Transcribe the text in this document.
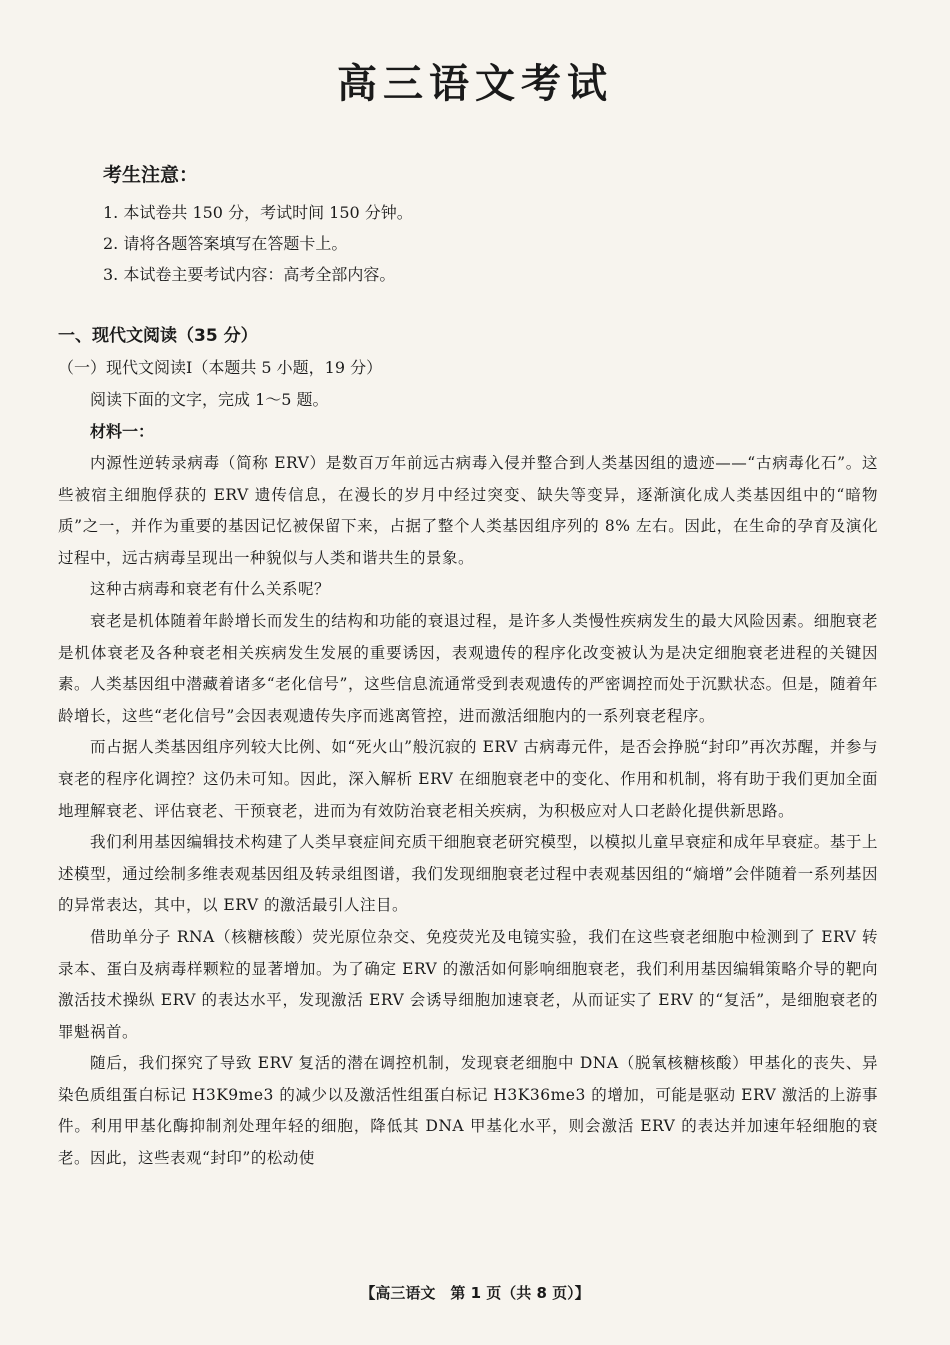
高三语文考试
考生注意：
1. 本试卷共 150 分，考试时间 150 分钟。
2. 请将各题答案填写在答题卡上。
3. 本试卷主要考试内容：高考全部内容。
一、现代文阅读（35 分）
（一）现代文阅读Ⅰ（本题共 5 小题，19 分）
阅读下面的文字，完成 1～5 题。
材料一：

内源性逆转录病毒（简称 ERV）是数百万年前远古病毒入侵并整合到人类基因组的遗迹——“古病毒化石”。这些被宿主细胞俘获的 ERV 遗传信息，在漫长的岁月中经过突变、缺失等变异，逐渐演化成人类基因组中的“暗物质”之一，并作为重要的基因记忆被保留下来，占据了整个人类基因组序列的 8% 左右。因此，在生命的孕育及演化过程中，远古病毒呈现出一种貌似与人类和谐共生的景象。

这种古病毒和衰老有什么关系呢？

衰老是机体随着年龄增长而发生的结构和功能的衰退过程，是许多人类慢性疾病发生的最大风险因素。细胞衰老是机体衰老及各种衰老相关疾病发生发展的重要诱因，表观遗传的程序化改变被认为是决定细胞衰老进程的关键因素。人类基因组中潜藏着诸多“老化信号”，这些信息流通常受到表观遗传的严密调控而处于沉默状态。但是，随着年龄增长，这些“老化信号”会因表观遗传失序而逃离管控，进而激活细胞内的一系列衰老程序。

而占据人类基因组序列较大比例、如“死火山”般沉寂的 ERV 古病毒元件，是否会挣脱“封印”再次苏醒，并参与衰老的程序化调控？这仍未可知。因此，深入解析 ERV 在细胞衰老中的变化、作用和机制，将有助于我们更加全面地理解衰老、评估衰老、干预衰老，进而为有效防治衰老相关疾病，为积极应对人口老龄化提供新思路。

我们利用基因编辑技术构建了人类早衰症间充质干细胞衰老研究模型，以模拟儿童早衰症和成年早衰症。基于上述模型，通过绘制多维表观基因组及转录组图谱，我们发现细胞衰老过程中表观基因组的“熵增”会伴随着一系列基因的异常表达，其中，以 ERV 的激活最引人注目。

借助单分子 RNA（核糖核酸）荧光原位杂交、免疫荧光及电镜实验，我们在这些衰老细胞中检测到了 ERV 转录本、蛋白及病毒样颗粒的显著增加。为了确定 ERV 的激活如何影响细胞衰老，我们利用基因编辑策略介导的靶向激活技术操纵 ERV 的表达水平，发现激活 ERV 会诱导细胞加速衰老，从而证实了 ERV 的“复活”，是细胞衰老的罪魁祸首。

随后，我们探究了导致 ERV 复活的潜在调控机制，发现衰老细胞中 DNA（脱氧核糖核酸）甲基化的丧失、异染色质组蛋白标记 H3K9me3 的减少以及激活性组蛋白标记 H3K36me3 的增加，可能是驱动 ERV 激活的上游事件。利用甲基化酶抑制剂处理年轻的细胞，降低其 DNA 甲基化水平，则会激活 ERV 的表达并加速年轻细胞的衰老。因此，这些表观“封印”的松动使

【高三语文　第 1 页（共 8 页）】
